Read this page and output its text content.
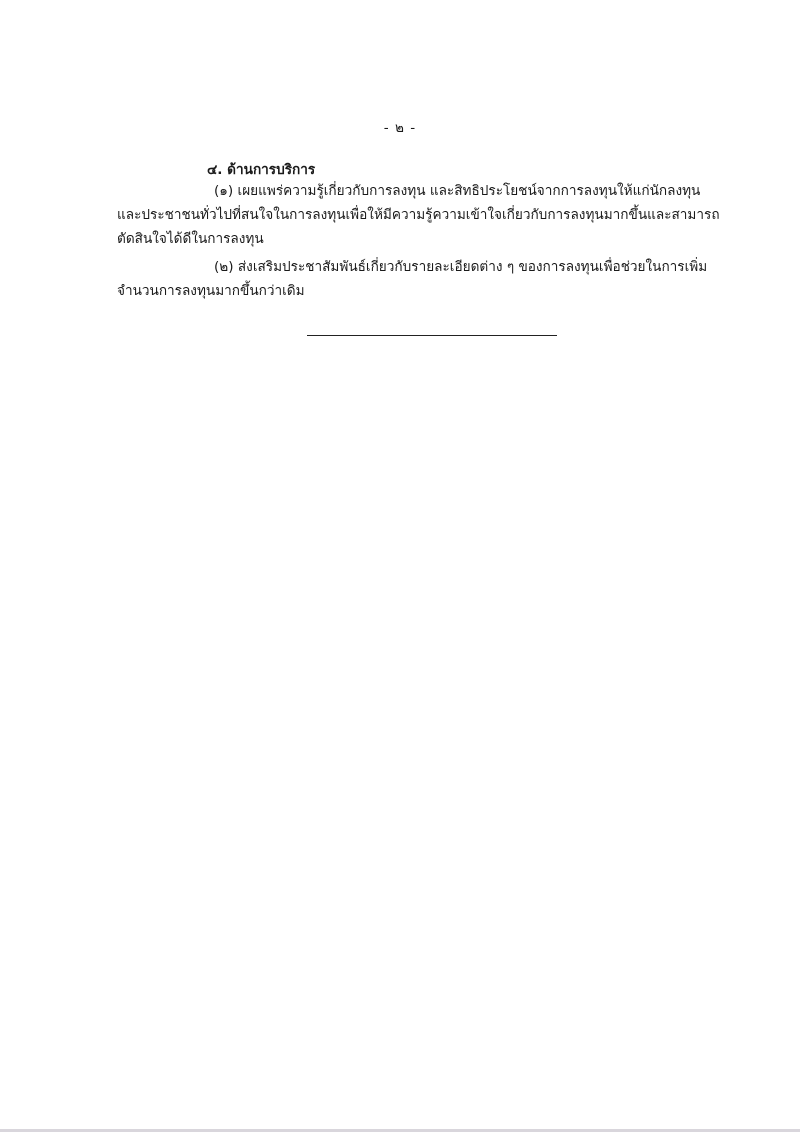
- ๒ -
๔. ด้านการบริการ
(๑) เผยแพร่ความรู้เกี่ยวกับการลงทุน และสิทธิประโยชน์จากการลงทุนให้แก่นักลงทุน
และประชาชนทั่วไปที่สนใจในการลงทุนเพื่อให้มีความรู้ความเข้าใจเกี่ยวกับการลงทุนมากขึ้นและสามารถ
ตัดสินใจได้ดีในการลงทุน
(๒) ส่งเสริมประชาสัมพันธ์เกี่ยวกับรายละเอียดต่าง ๆ ของการลงทุนเพื่อช่วยในการเพิ่ม
จำนวนการลงทุนมากขึ้นกว่าเดิม
